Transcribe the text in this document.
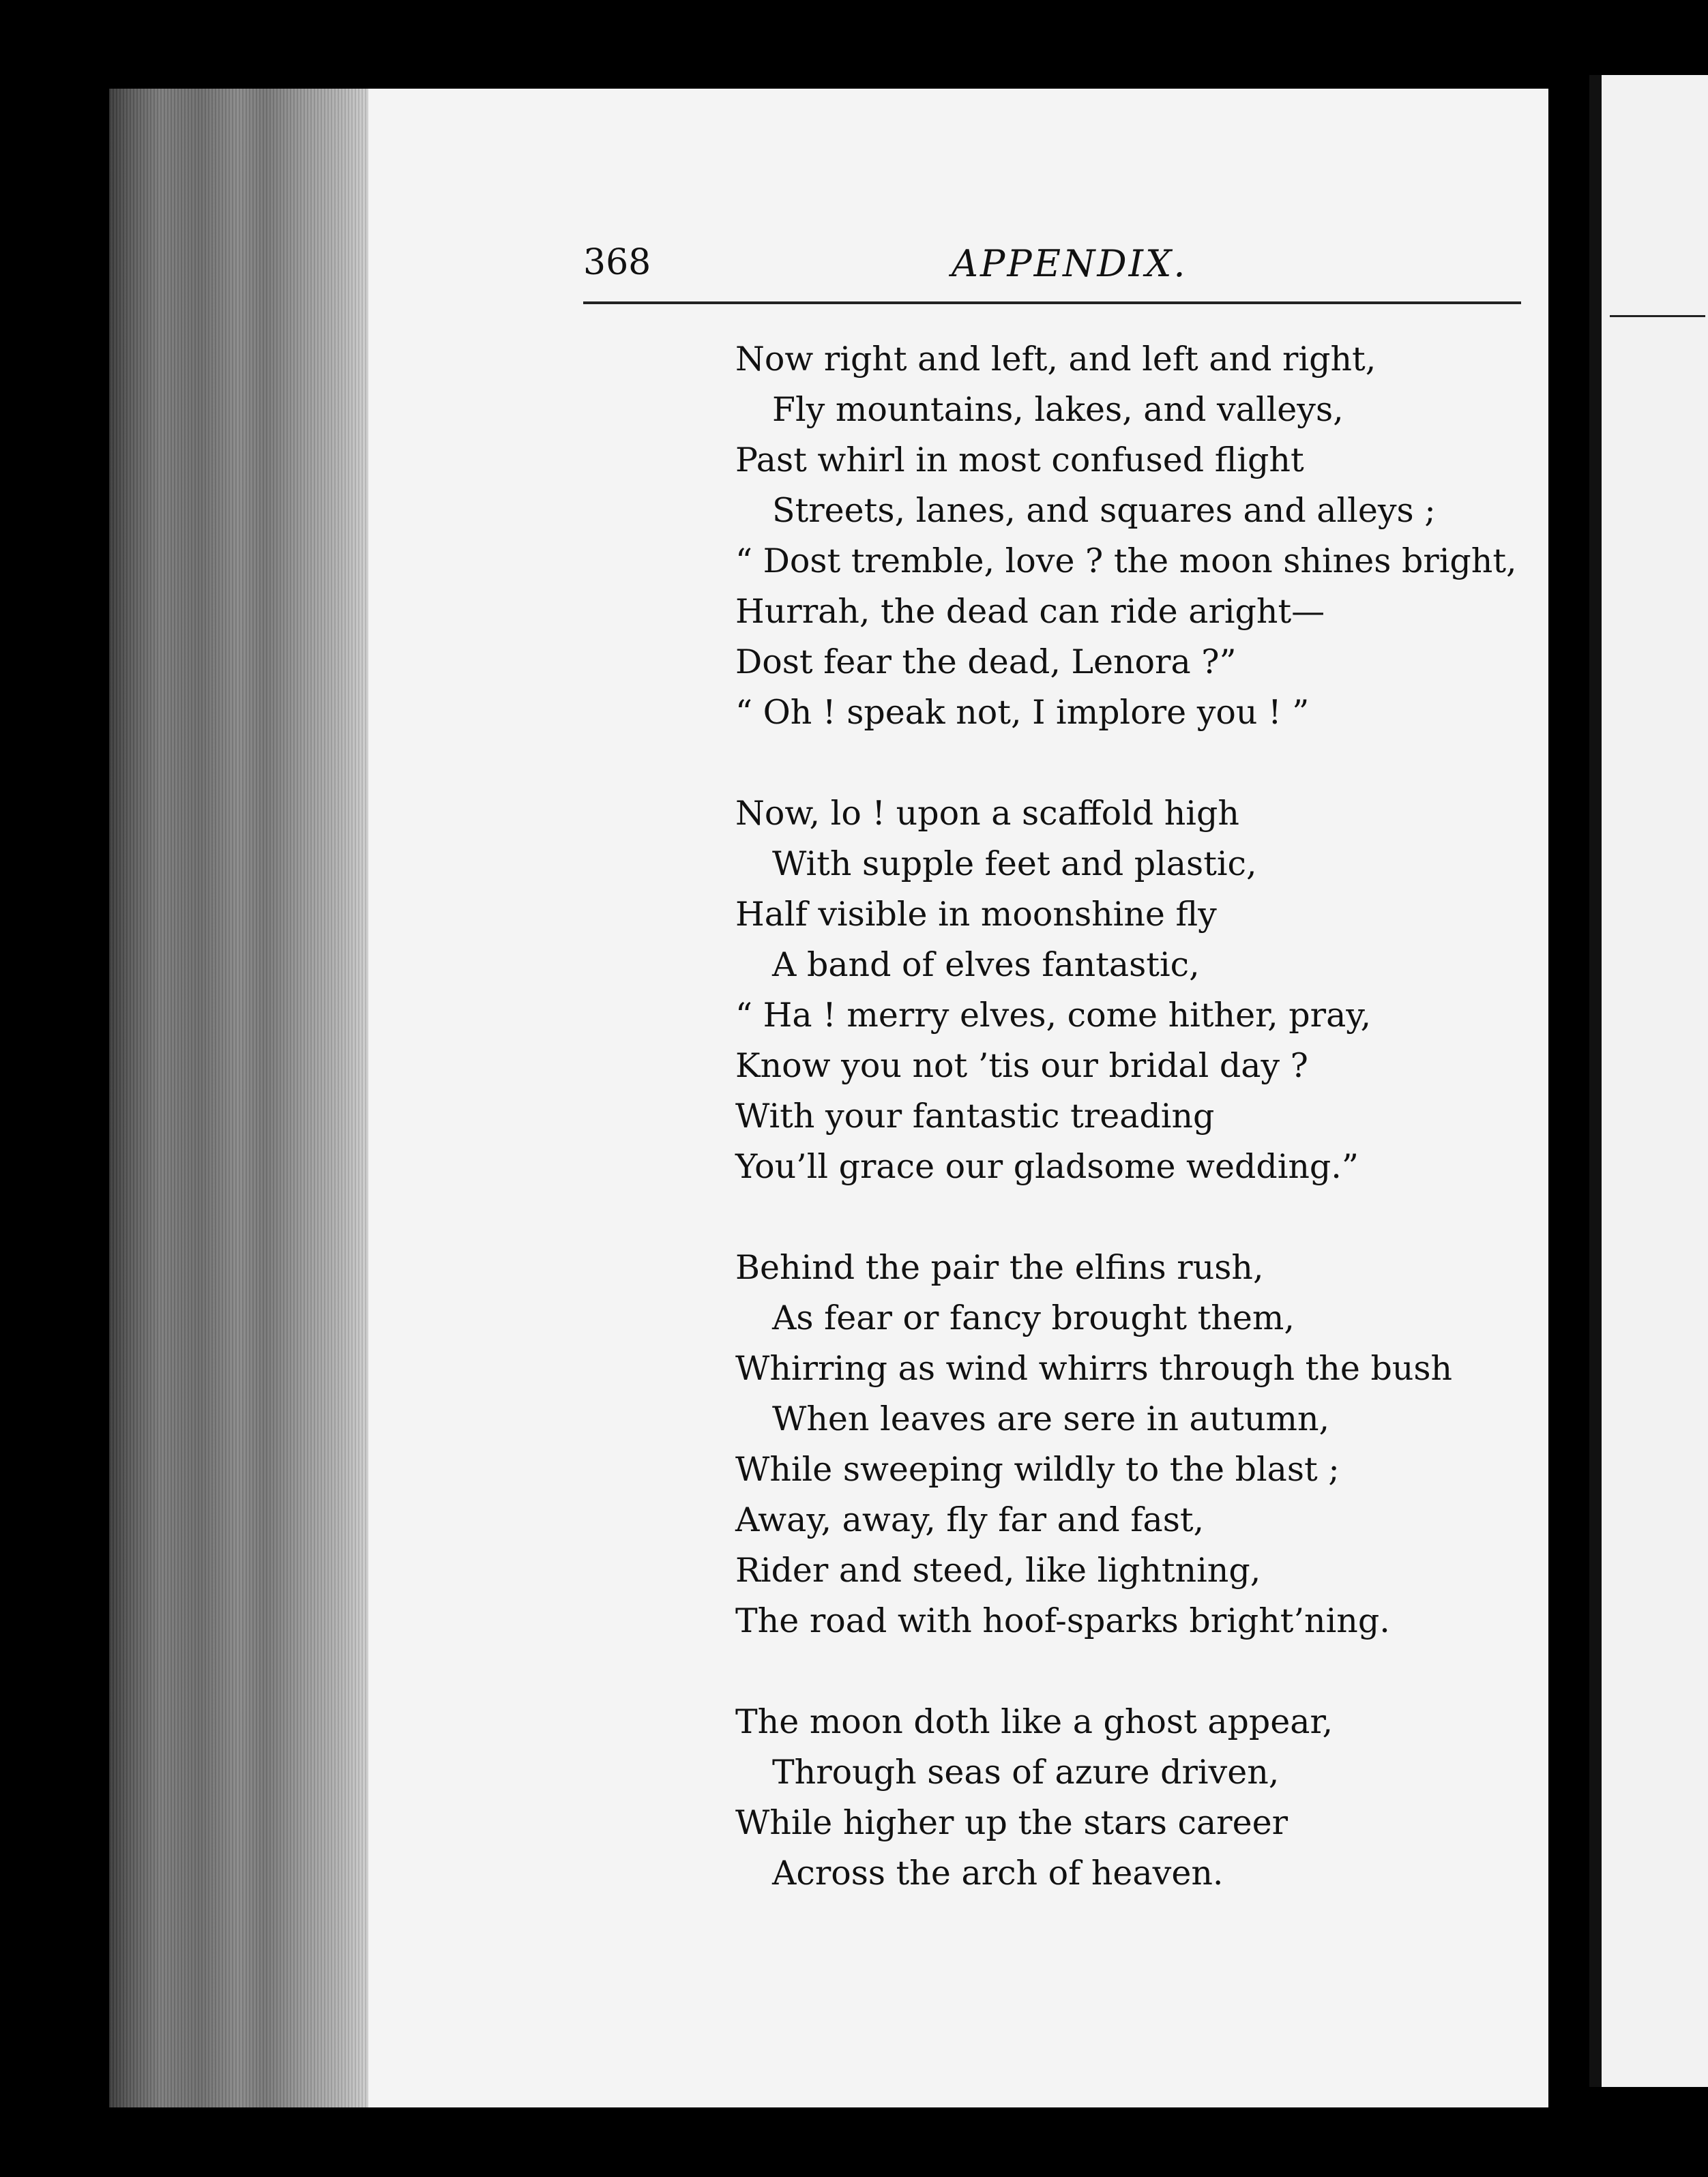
368	APPENDIX.
Now right and left, and left and right,
Fly mountains, lakes, and valleys,
Past whirl in most confused flight
Streets, lanes, and squares and alleys ;
“ Dost tremble, love ? the moon shines bright,
Hurrah, the dead can ride aright—
Dost fear the dead, Lenora ?”
“ Oh ! speak not, I implore you ! ”
Now, lo ! upon a scaffold high
With supple feet and plastic,
Half visible in moonshine fly
A band of elves fantastic,
“ Ha ! merry elves, come hither, pray,
Know you not ’tis our bridal day ?
With your fantastic treading
You’ll grace our gladsome wedding.”
Behind the pair the elfins rush,
As fear or fancy brought them,
Whirring as wind whirrs through the bush
When leaves are sere in autumn,
While sweeping wildly to the blast ;
Away, away, fly far and fast,
Rider and steed, like lightning,
The road with hoof-sparks bright’ning.
The moon doth like a ghost appear,
Through seas of azure driven,
While higher up the stars career
Across the arch of heaven.
